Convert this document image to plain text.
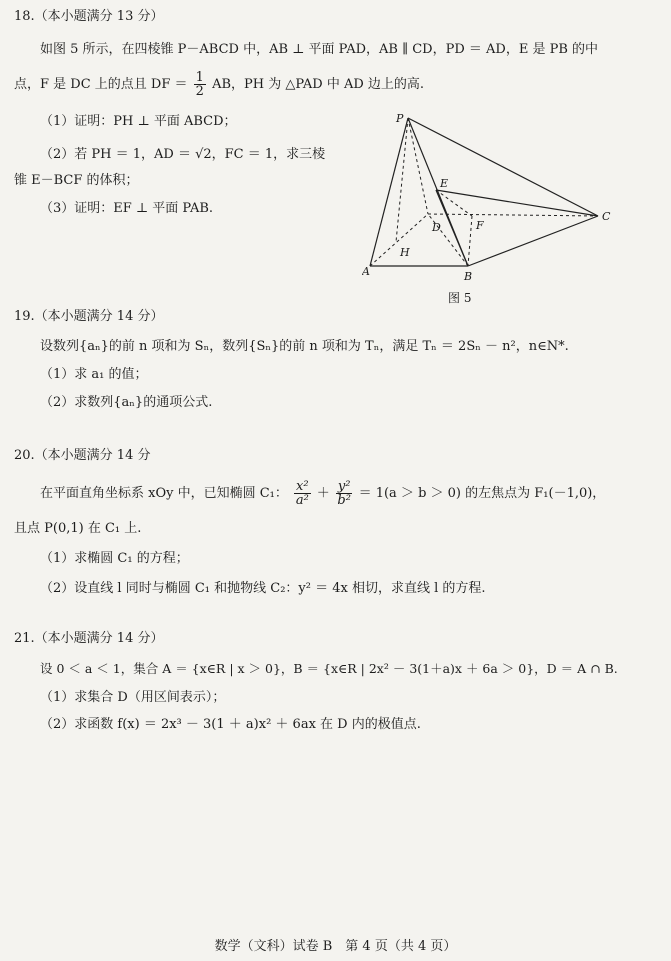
18.（本小题满分 13 分）
如图 5 所示，在四棱锥 P－ABCD 中，AB ⊥ 平面 PAD，AB ∥ CD，PD ＝ AD，E 是 PB 的中
点，F 是 DC 上的点且 DF ＝ $\frac{1}{2}$ AB，PH 为 △PAD 中 AD 边上的高.
（1）证明：PH ⊥ 平面 ABCD；
（2）若 PH ＝ 1，AD ＝ √2，FC ＝ 1，求三棱
锥 E－BCF 的体积；
（3）证明：EF ⊥ 平面 PAB.
P
E
D	F
C
A
H
B
图 5
19.（本小题满分 14 分）
设数列{aₙ}的前 n 项和为 Sₙ，数列{Sₙ}的前 n 项和为 Tₙ，满足 Tₙ ＝ 2Sₙ － n²，n∈N*.
（1）求 a₁ 的值；
（2）求数列{aₙ}的通项公式.
20.（本小题满分 14 分
在平面直角坐标系 xOy 中，已知椭圆 C₁： $\frac{\text{x²}}{\text{a²}} + \frac{\text{y²}}{\text{b²}} = 1(a > b > 0)$ 的左焦点为 F₁(－1,0)，
且点 P(0,1) 在 C₁ 上.
（1）求椭圆 C₁ 的方程；
（2）设直线 l 同时与椭圆 C₁ 和抛物线 C₂：y² ＝ 4x 相切，求直线 l 的方程.
21.（本小题满分 14 分）
设 0 ＜ a ＜ 1，集合 A ＝ {x∈R | x ＞ 0}，B ＝ {x∈R | 2x² － 3(1＋a)x ＋ 6a ＞ 0}，D ＝ A ∩ B.
（1）求集合 D（用区间表示）；
（2）求函数 f(x) ＝ 2x³ － 3(1 ＋ a)x² ＋ 6ax 在 D 内的极值点.
数学（文科）试卷 B　第 4 页（共 4 页）
